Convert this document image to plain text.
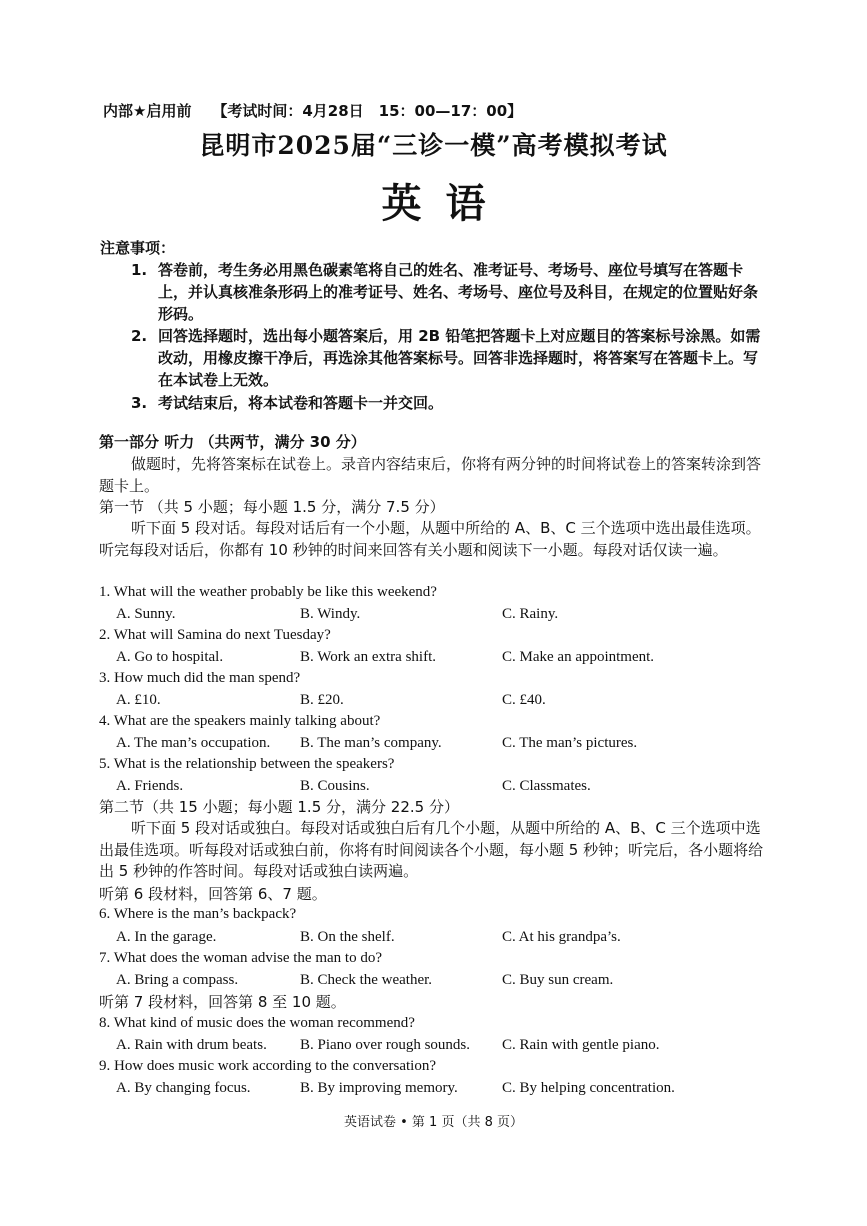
内部★启用前 【考试时间：4月28日　15：00—17：00】
昆明市2025届“三诊一模”高考模拟考试
英语
注意事项：
1. 答卷前，考生务必用黑色碳素笔将自己的姓名、准考证号、考场号、座位号填写在答题卡上，并认真核准条形码上的准考证号、姓名、考场号、座位号及科目，在规定的位置贴好条形码。
2. 回答选择题时，选出每小题答案后，用 2B 铅笔把答题卡上对应题目的答案标号涂黑。如需改动，用橡皮擦干净后，再选涂其他答案标号。回答非选择题时，将答案写在答题卡上。写在本试卷上无效。
3. 考试结束后，将本试卷和答题卡一并交回。
第一部分 听力 （共两节，满分 30 分）
做题时，先将答案标在试卷上。录音内容结束后，你将有两分钟的时间将试卷上的答案转涂到答题卡上。
第一节 （共 5 小题；每小题 1.5 分，满分 7.5 分）
听下面 5 段对话。每段对话后有一个小题，从题中所给的 A、B、C 三个选项中选出最佳选项。听完每段对话后，你都有 10 秒钟的时间来回答有关小题和阅读下一小题。每段对话仅读一遍。
1. What will the weather probably be like this weekend?
A. Sunny.	B. Windy.	C. Rainy.
2. What will Samina do next Tuesday?
A. Go to hospital.	B. Work an extra shift.	C. Make an appointment.
3. How much did the man spend?
A. £10.	B. £20.	C. £40.
4. What are the speakers mainly talking about?
A. The man’s occupation. B. The man’s company.	C. The man’s pictures.
5. What is the relationship between the speakers?
A. Friends.	B. Cousins.	C. Classmates.
第二节（共 15 小题；每小题 1.5 分，满分 22.5 分）
听下面 5 段对话或独白。每段对话或独白后有几个小题，从题中所给的 A、B、C 三个选项中选出最佳选项。听每段对话或独白前，你将有时间阅读各个小题，每小题 5 秒钟；听完后，各小题将给出 5 秒钟的作答时间。每段对话或独白读两遍。
听第 6 段材料，回答第 6、7 题。
6. Where is the man’s backpack?
A. In the garage.	B. On the shelf.	C. At his grandpa’s.
7. What does the woman advise the man to do?
A. Bring a compass.	B. Check the weather.	C. Buy sun cream.
听第 7 段材料，回答第 8 至 10 题。
8. What kind of music does the woman recommend?
A. Rain with drum beats. B. Piano over rough sounds. C. Rain with gentle piano.
9. How does music work according to the conversation?
A. By changing focus.	B. By improving memory.	C. By helping concentration.
英语试卷 • 第 1 页（共 8 页）
